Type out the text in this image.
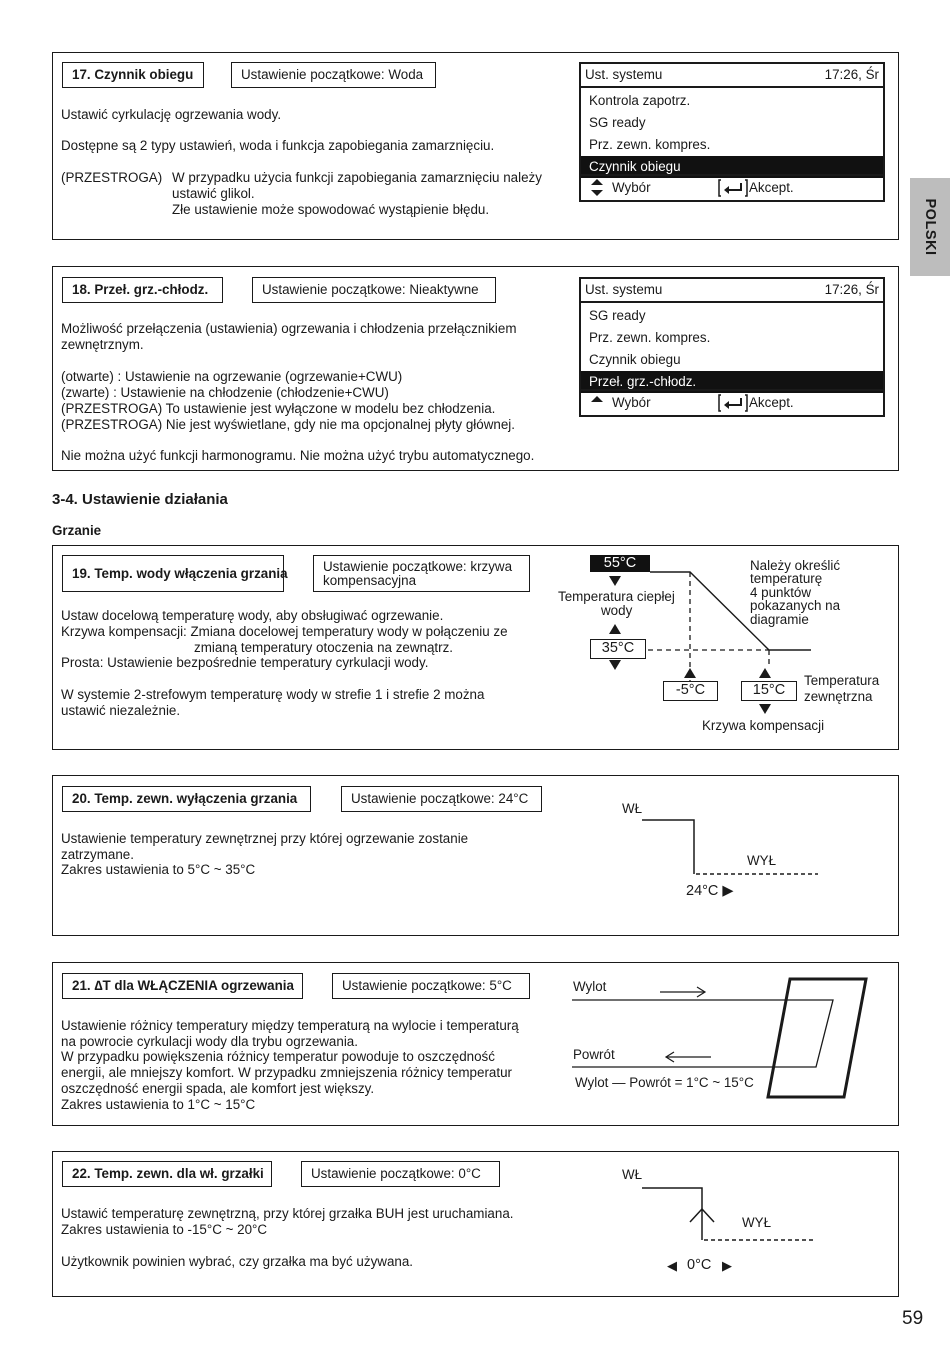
POLSKI
17. Czynnik obiegu	Ustawienie początkowe: Woda
Ustawić cyrkulację ogrzewania wody.
Dostępne są 2 typy ustawień, woda i funkcja zapobiegania zamarznięciu.
(PRZESTROGA) W przypadku użycia funkcji zapobiegania zamarznięciu należy
ustawić glikol.
Złe ustawienie może spowodować wystąpienie błędu.
Ust. systemu	17:26, Śr
Kontrola zapotrz.
SG ready
Prz. zewn. kompres.
Czynnik obiegu
Wybór	Akcept.
18. Przeł. grz.-chłodz.	Ustawienie początkowe: Nieaktywne
Możliwość przełączenia (ustawienia) ogrzewania i chłodzenia przełącznikiem
zewnętrznym.
(otwarte) : Ustawienie na ogrzewanie (ogrzewanie+CWU)
(zwarte) : Ustawienie na chłodzenie (chłodzenie+CWU)
(PRZESTROGA) To ustawienie jest wyłączone w modelu bez chłodzenia.
(PRZESTROGA) Nie jest wyświetlane, gdy nie ma opcjonalnej płyty głównej.
Nie można użyć funkcji harmonogramu. Nie można użyć trybu automatycznego.
Ust. systemu	17:26, Śr
SG ready
Prz. zewn. kompres.
Czynnik obiegu
Przeł. grz.-chłodz.
Wybór	Akcept.
3-4. Ustawienie działania
Grzanie
19. Temp. wody włączenia grzania	Ustawienie początkowe: krzywa
kompensacyjna
Ustaw docelową temperaturę wody, aby obsługiwać ogrzewanie.
Krzywa kompensacji: Zmiana docelowej temperatury wody w połączeniu ze
zmianą temperatury otoczenia na zewnątrz.
Prosta: Ustawienie bezpośrednie temperatury cyrkulacji wody.
W systemie 2-strefowym temperaturę wody w strefie 1 i strefie 2 można
ustawić niezależnie.
55°C
35°C
-5°C	15°C
Temperatura ciepłej
wody
Należy określić
temperaturę
4 punktów
pokazanych na
diagramie
Temperatura
zewnętrzna
Krzywa kompensacji
20. Temp. zewn. wyłączenia grzania	Ustawienie początkowe: 24°C
Ustawienie temperatury zewnętrznej przy której ogrzewanie zostanie
zatrzymane.
Zakres ustawienia to 5°C ~ 35°C
WŁ
WYŁ
24°C ▶
21. ∆T dla WŁĄCZENIA ogrzewania	Ustawienie początkowe: 5°C
Ustawienie różnicy temperatury między temperaturą na wylocie i temperaturą
na powrocie cyrkulacji wody dla trybu ogrzewania.
W przypadku powiększenia różnicy temperatur powoduje to oszczędność
energii, ale mniejszy komfort. W przypadku zmniejszenia różnicy temperatur
oszczędność energii spada, ale komfort jest większy.
Zakres ustawienia to 1°C ~ 15°C
Wylot
Powrót
Wylot — Powrót = 1°C ~ 15°C
22. Temp. zewn. dla wł. grzałki	Ustawienie początkowe: 0°C
Ustawić temperaturę zewnętrzną, przy której grzałka BUH jest uruchamiana.
Zakres ustawienia to -15°C ~ 20°C
Użytkownik powinien wybrać, czy grzałka ma być używana.
WŁ
WYŁ
◀ 0°C ▶
59
